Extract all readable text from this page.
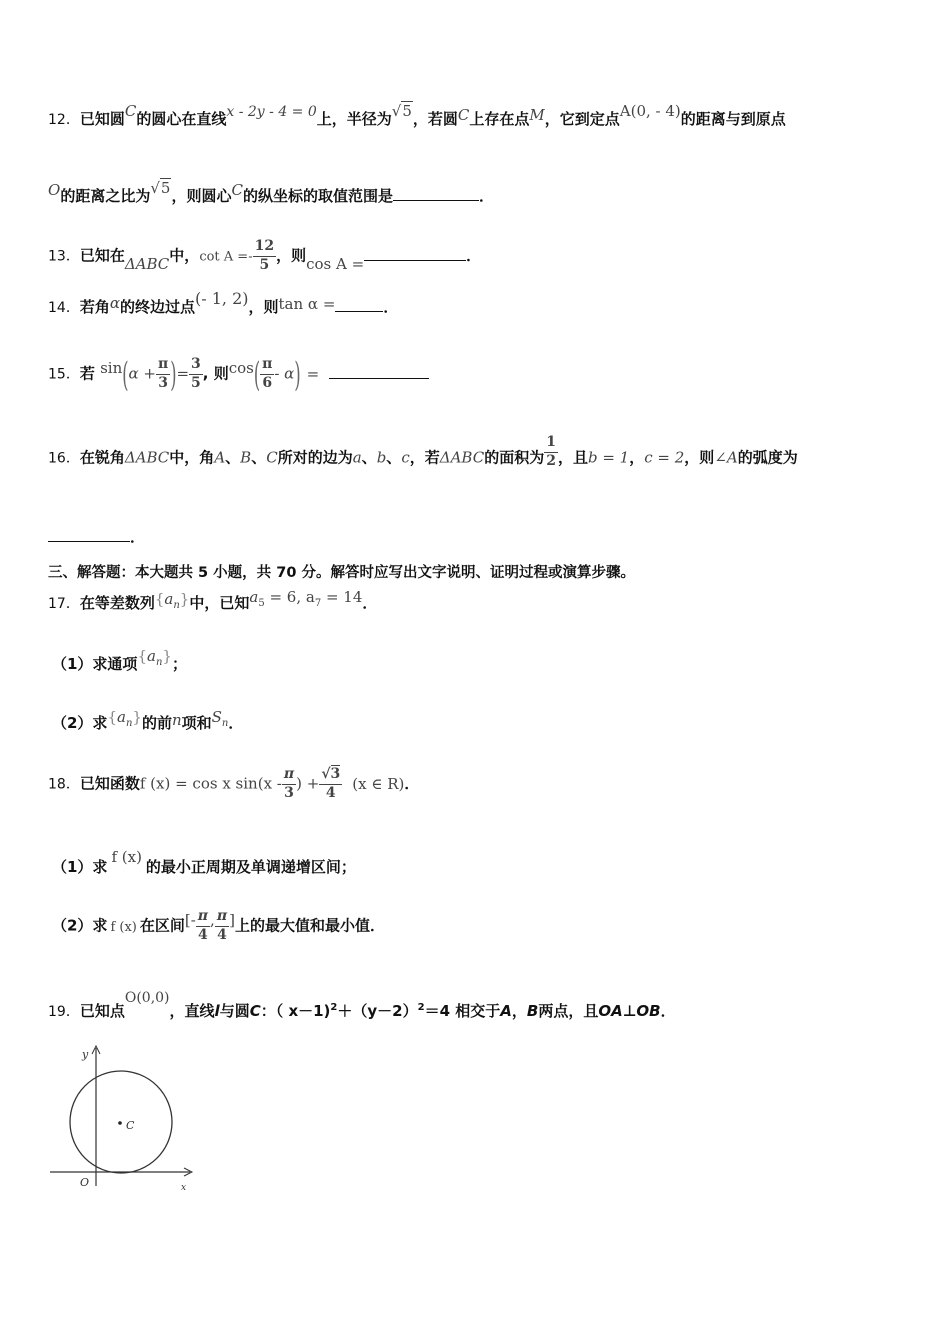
12．已知圆C的圆心在直线x - 2y - 4 = 0上，半径为√5，若圆C上存在点M，它到定点A(0, - 4)的距离与到原点
O的距离之比为√5，则圆心C的纵坐标的取值范围是	．
13．已知在ΔABC中，$\cot A =- \frac{12}{5}$ ，则cos A =	．
14．若角α的终边过点(- 1, 2)，则tan α =	．
15．若 $\sin(\alpha + \frac{\pi}{3}$ )= $\frac{3}{5}$ , 则$\cos( \frac{\pi}{6} - \alpha)$ =
16．在锐角ΔABC中，角A、B、C所对的边为a、b、c，若ΔABC的面积为 $\frac{1}{2}$ ，且b = 1，c = 2，则∠A的弧度为
．
三、解答题：本大题共 5 小题，共 70 分。解答时应写出文字说明、证明过程或演算步骤。
17．在等差数列$\{a_n\}$中，已知$a_5 = 6$, $a_7 = 14$．
（1）求通项$\{a_n\}$；
（2）求$\{a_n\}$的前n项和$S_n$．
18．已知函数f (x) = cos x $\sin(x - \frac{\pi}{3}$ ) + $\frac{√3}{4} (x$ ∈ R)．
（1）求f (x)的最小正周期及单调递增区间；
（2）求 f (x) 在区间[- $\frac{\pi}{4}$ , $\frac{\pi}{4}$ ]上的最大值和最小值．
19．已知点O(0,0)，直线l与圆C：（ $x-1)^2+(y-2)^2=4$ 相交于A，B两点，且OA⊥OB．
y
x
O
C
